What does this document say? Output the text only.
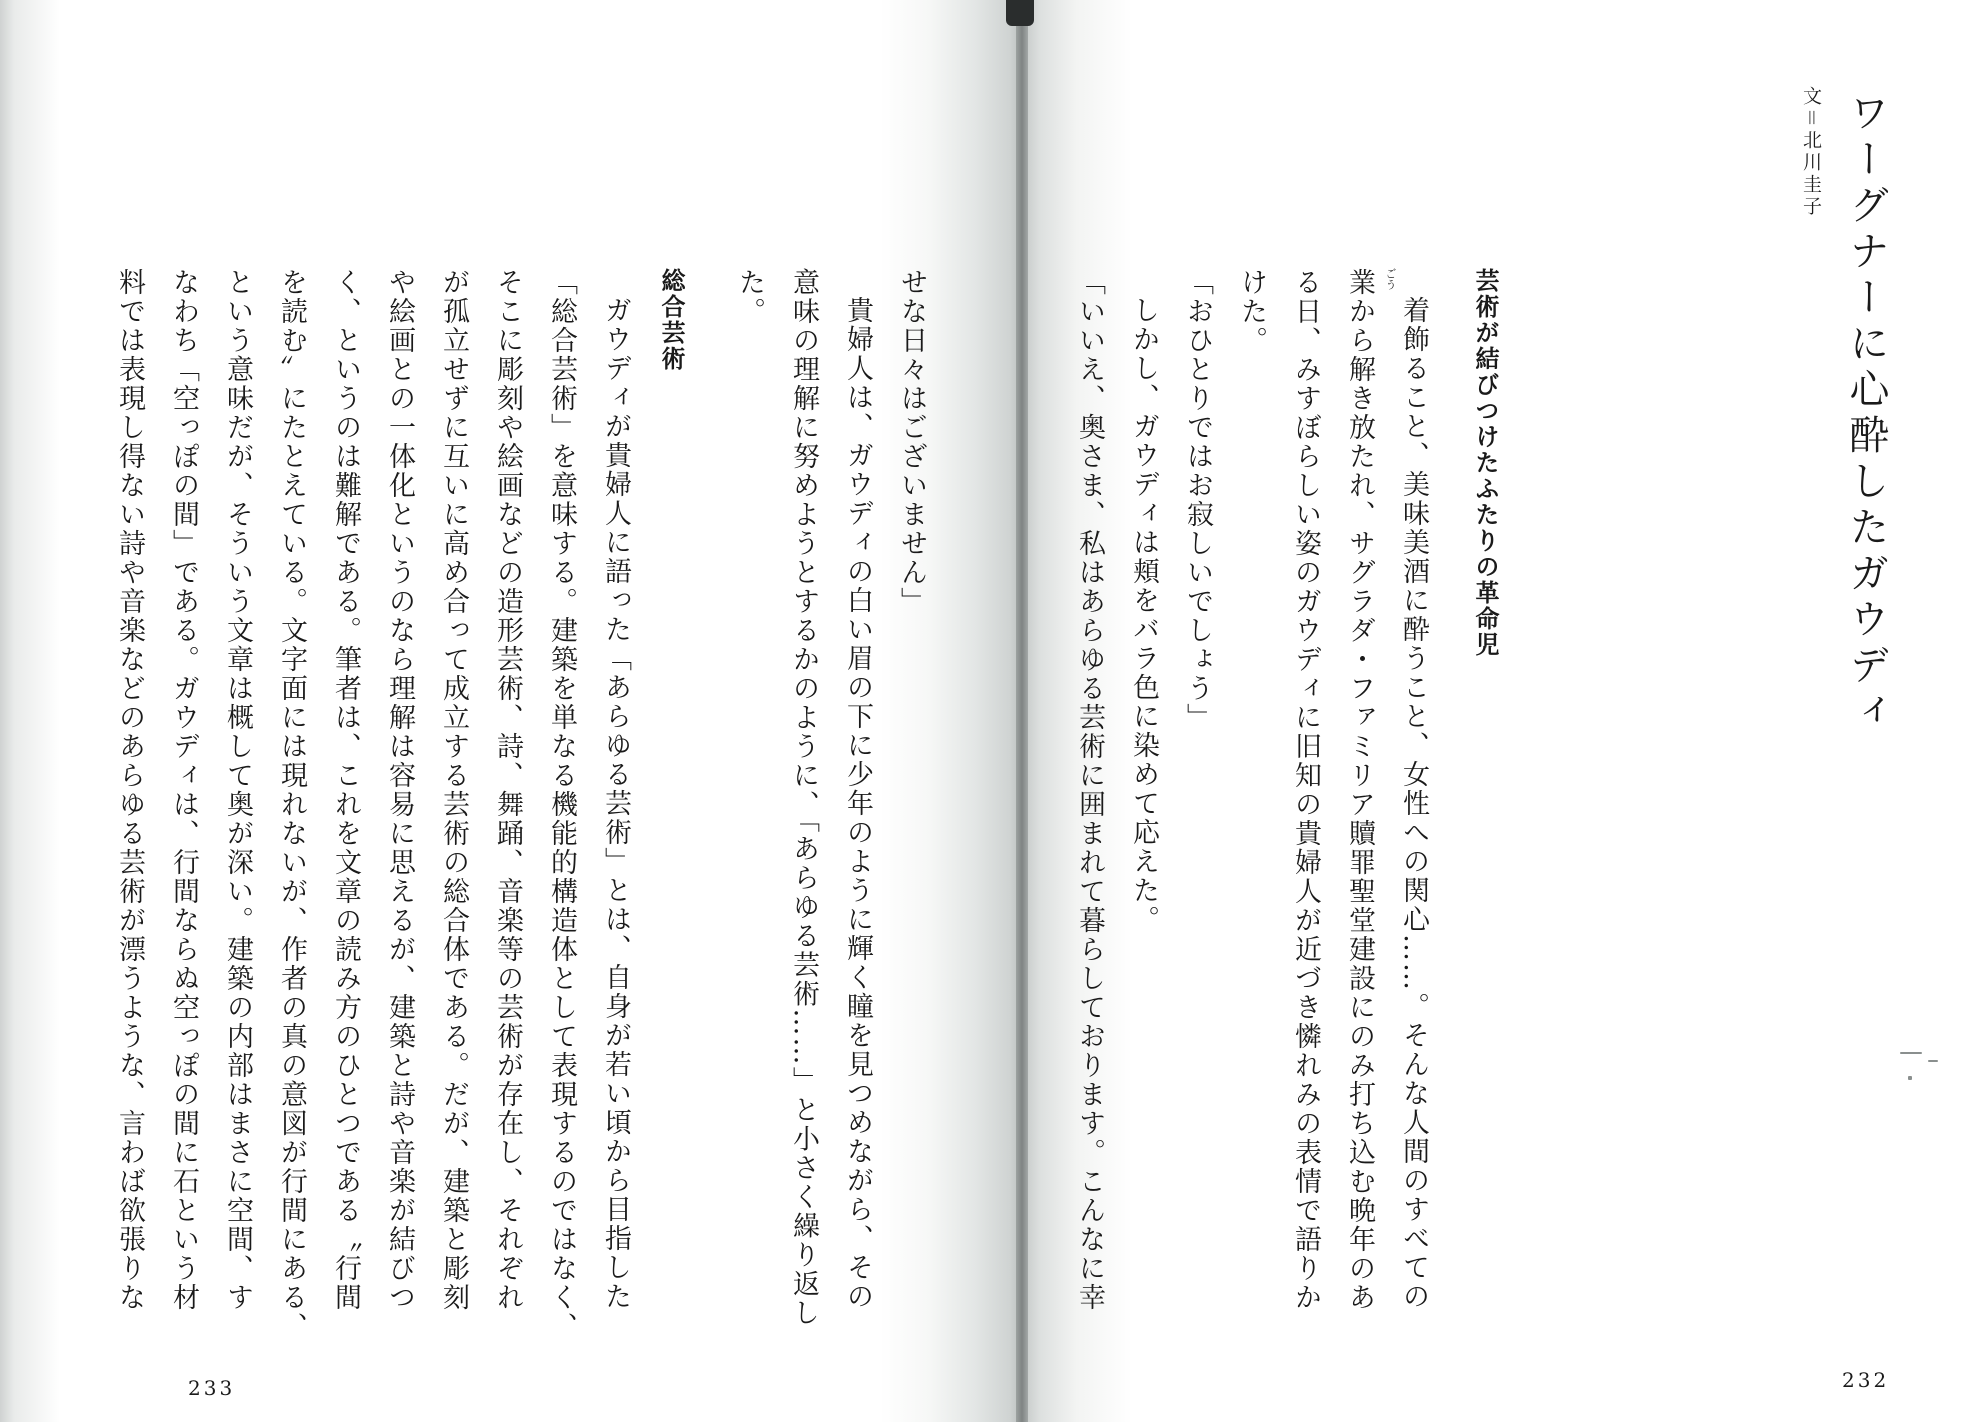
ワーグナーに心酔したガウディ
文＝北川圭子
芸術が結びつけたふたりの革命児
ごう
着飾ること、美味美酒に酔うこと、女性への関心……。そんな人間のすべての
業から解き放たれ、サグラダ・ファミリア贖罪聖堂建設にのみ打ち込む晩年のあ
る日、みすぼらしい姿のガウディに旧知の貴婦人が近づき憐れみの表情で語りか
けた。
「おひとりではお寂しいでしょう」
しかし、ガウディは頬をバラ色に染めて応えた。
「いいえ、奥さま、私はあらゆる芸術に囲まれて暮らしております。こんなに幸
232
せな日々はございません」
貴婦人は、ガウディの白い眉の下に少年のように輝く瞳を見つめながら、その
意味の理解に努めようとするかのように、「あらゆる芸術……」と小さく繰り返し
た。
総合芸術
ガウディが貴婦人に語った「あらゆる芸術」とは、自身が若い頃から目指した
「総合芸術」を意味する。建築を単なる機能的構造体として表現するのではなく、
そこに彫刻や絵画などの造形芸術、詩、舞踊、音楽等の芸術が存在し、それぞれ
が孤立せずに互いに高め合って成立する芸術の総合体である。だが、建築と彫刻
や絵画との一体化というのなら理解は容易に思えるが、建築と詩や音楽が結びつ
く、というのは難解である。筆者は、これを文章の読み方のひとつである〝行間
を読む〟にたとえている。文字面には現れないが、作者の真の意図が行間にある、
という意味だが、そういう文章は概して奥が深い。建築の内部はまさに空間、す
なわち「空っぽの間」である。ガウディは、行間ならぬ空っぽの間に石という材
料では表現し得ない詩や音楽などのあらゆる芸術が漂うような、言わば欲張りな
233
